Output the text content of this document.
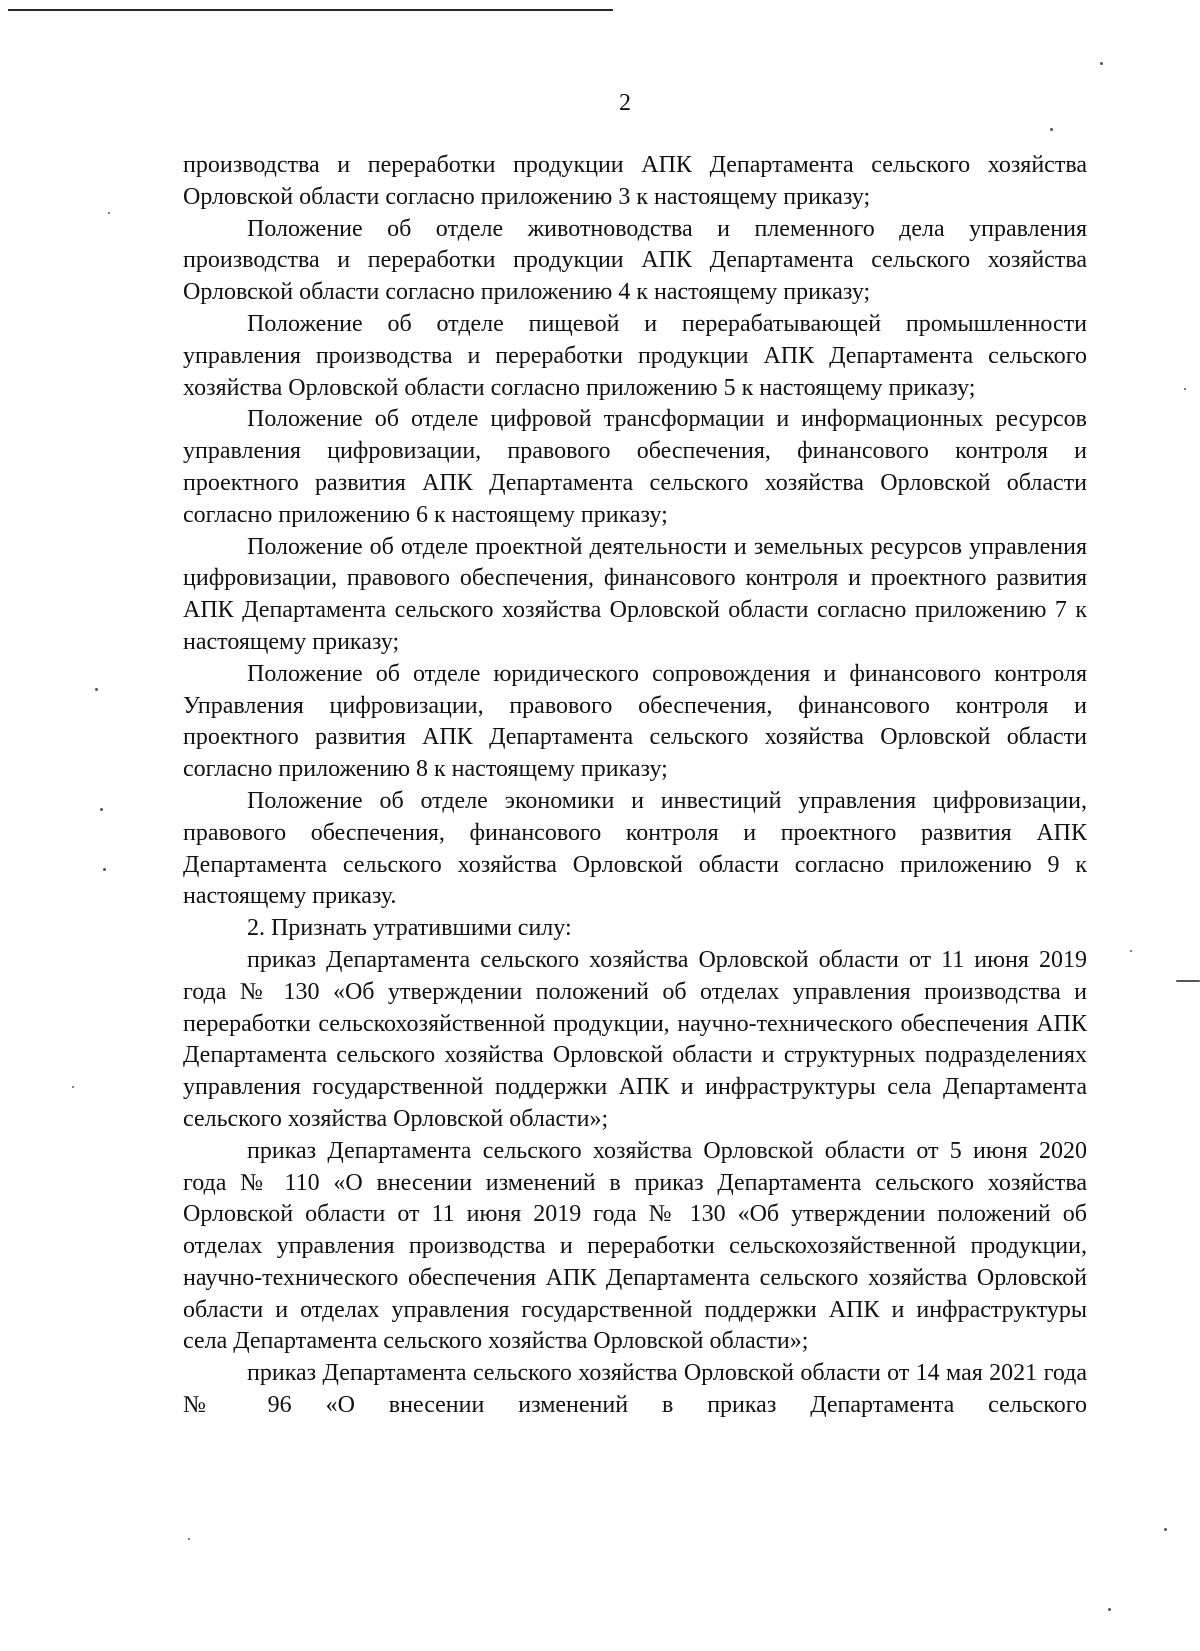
2

производства и переработки продукции АПК Департамента сельского хозяйства Орловской области согласно приложению 3 к настоящему приказу;

Положение об отделе животноводства и племенного дела управления производства и переработки продукции АПК Департамента сельского хозяйства Орловской области согласно приложению 4 к настоящему приказу;

Положение об отделе пищевой и перерабатывающей промышленности управления производства и переработки продукции АПК Департамента сельского хозяйства Орловской области согласно приложению 5 к настоящему приказу;

Положение об отделе цифровой трансформации и информационных ресурсов управления цифровизации, правового обеспечения, финансового контроля и проектного развития АПК Департамента сельского хозяйства Орловской области согласно приложению 6 к настоящему приказу;

Положение об отделе проектной деятельности и земельных ресурсов управления цифровизации, правового обеспечения, финансового контроля и проектного развития АПК Департамента сельского хозяйства Орловской области согласно приложению 7 к настоящему приказу;

Положение об отделе юридического сопровождения и финансового контроля Управления цифровизации, правового обеспечения, финансового контроля и проектного развития АПК Департамента сельского хозяйства Орловской области согласно приложению 8 к настоящему приказу;

Положение об отделе экономики и инвестиций управления цифровизации, правового обеспечения, финансового контроля и проектного развития АПК Департамента сельского хозяйства Орловской области согласно приложению 9 к настоящему приказу.

2. Признать утратившими силу:

приказ Департамента сельского хозяйства Орловской области от 11 июня 2019 года № 130 «Об утверждении положений об отделах управления производства и переработки сельскохозяйственной продукции, научно-технического обеспечения АПК Департамента сельского хозяйства Орловской области и структурных подразделениях управления государственной поддержки АПК и инфраструктуры села Департамента сельского хозяйства Орловской области»;

приказ Департамента сельского хозяйства Орловской области от 5 июня 2020 года № 110 «О внесении изменений в приказ Департамента сельского хозяйства Орловской области от 11 июня 2019 года № 130 «Об утверждении положений об отделах управления производства и переработки сельскохозяйственной продукции, научно-технического обеспечения АПК Департамента сельского хозяйства Орловской области и отделах управления государственной поддержки АПК и инфраструктуры села Департамента сельского хозяйства Орловской области»;

приказ Департамента сельского хозяйства Орловской области от 14 мая 2021 года № 96 «О внесении изменений в приказ Департамента сельского
